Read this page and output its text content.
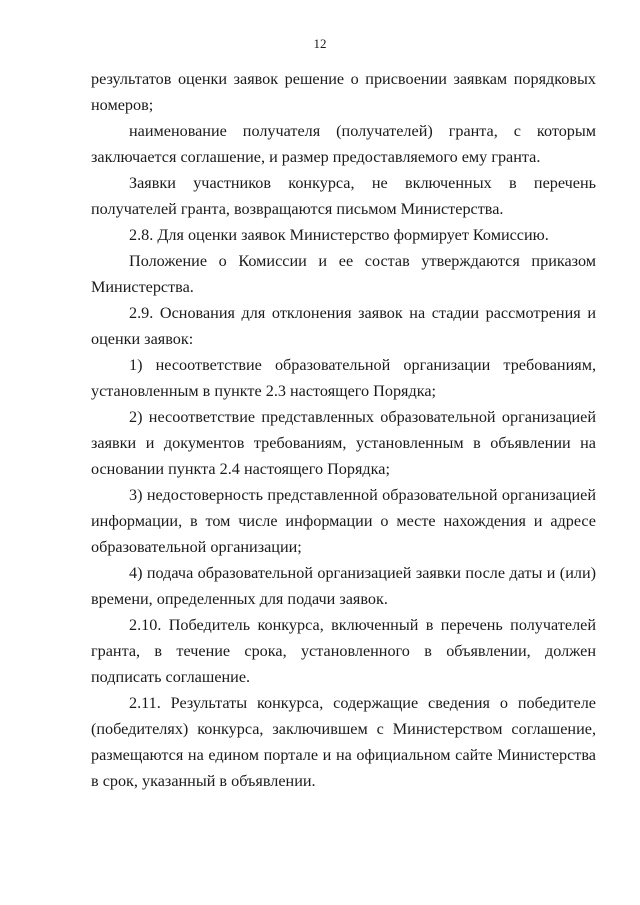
12

результатов оценки заявок решение о присвоении заявкам порядковых номеров;

наименование получателя (получателей) гранта, с которым заключается соглашение, и размер предоставляемого ему гранта.

Заявки участников конкурса, не включенных в перечень получателей гранта, возвращаются письмом Министерства.

2.8. Для оценки заявок Министерство формирует Комиссию.

Положение о Комиссии и ее состав утверждаются приказом Министерства.

2.9. Основания для отклонения заявок на стадии рассмотрения и оценки заявок:

1) несоответствие образовательной организации требованиям, установленным в пункте 2.3 настоящего Порядка;

2) несоответствие представленных образовательной организацией заявки и документов требованиям, установленным в объявлении на основании пункта 2.4 настоящего Порядка;

3) недостоверность представленной образовательной организацией информации, в том числе информации о месте нахождения и адресе образовательной организации;

4) подача образовательной организацией заявки после даты и (или) времени, определенных для подачи заявок.

2.10. Победитель конкурса, включенный в перечень получателей гранта, в течение срока, установленного в объявлении, должен подписать соглашение.

2.11. Результаты конкурса, содержащие сведения о победителе (победителях) конкурса, заключившем с Министерством соглашение, размещаются на едином портале и на официальном сайте Министерства в срок, указанный в объявлении.
